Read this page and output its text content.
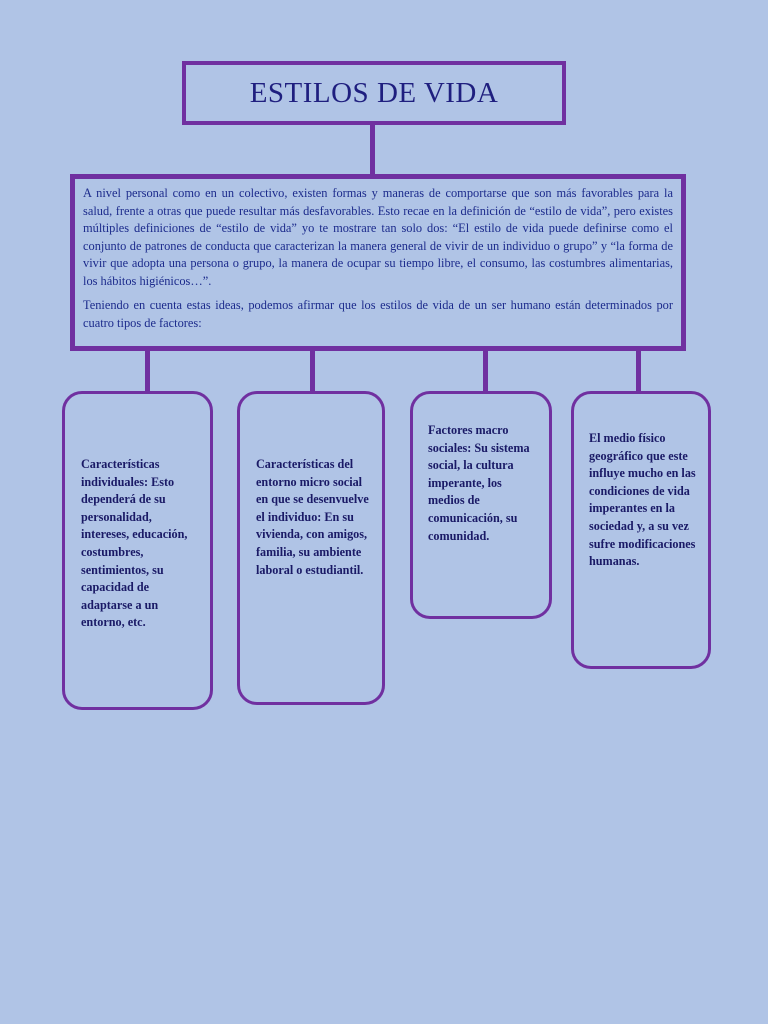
ESTILOS DE VIDA

A nivel personal como en un colectivo, existen formas y maneras de comportarse que son más favorables para la salud, frente a otras que puede resultar más desfavorables. Esto recae en la definición de “estilo de vida”, pero existes múltiples definiciones de “estilo de vida” yo te mostrare tan solo dos: “El estilo de vida puede definirse como el conjunto de patrones de conducta que caracterizan la manera general de vivir de un individuo o grupo” y “la forma de vivir que adopta una persona o grupo, la manera de ocupar su tiempo libre, el consumo, las costumbres alimentarias, los hábitos higiénicos…”.

Teniendo en cuenta estas ideas, podemos afirmar que los estilos de vida de un ser humano están determinados por cuatro tipos de factores:

Características individuales: Esto dependerá de su personalidad, intereses, educación, costumbres, sentimientos, su capacidad de adaptarse a un entorno, etc.
Características del entorno micro social en que se desenvuelve el individuo: En su vivienda, con amigos, familia, su ambiente laboral o estudiantil.
Factores macro sociales: Su sistema social, la cultura imperante, los medios de comunicación, su comunidad.
El medio físico geográfico que este influye mucho en las condiciones de vida imperantes en la sociedad y, a su vez sufre modificaciones humanas.
